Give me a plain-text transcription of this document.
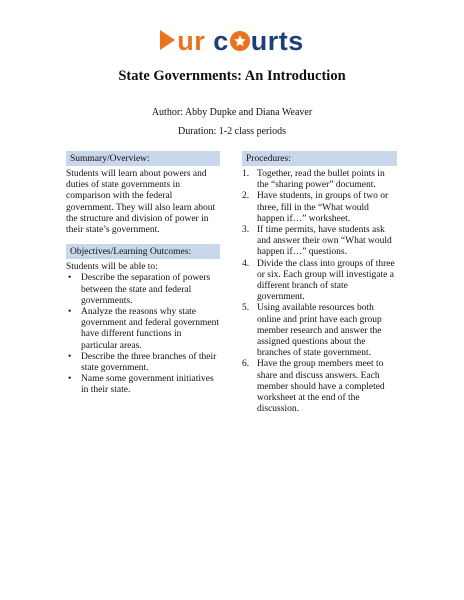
ur c urts
State Governments: An Introduction
Author: Abby Dupke and Diana Weaver
Duration: 1-2 class periods
Summary/Overview:
Students will learn about powers and duties of state governments in comparison with the federal government. They will also learn about the structure and division of power in their state’s government.
Objectives/Learning Outcomes:
Students will be able to:
• Describe the separation of powers between the state and federal governments.
• Analyze the reasons why state government and federal government have different functions in particular areas.
• Describe the three branches of their state government.
• Name some government initiatives in their state.
Procedures:
1. Together, read the bullet points in the “sharing power” document.
2. Have students, in groups of two or three, fill in the “What would happen if…” worksheet.
3. If time permits, have students ask and answer their own “What would happen if…” questions.
4. Divide the class into groups of three or six. Each group will investigate a different branch of state government.
5. Using available resources both online and print have each group member research and answer the assigned questions about the branches of state government.
6. Have the group members meet to share and discuss answers. Each member should have a completed worksheet at the end of the discussion.
